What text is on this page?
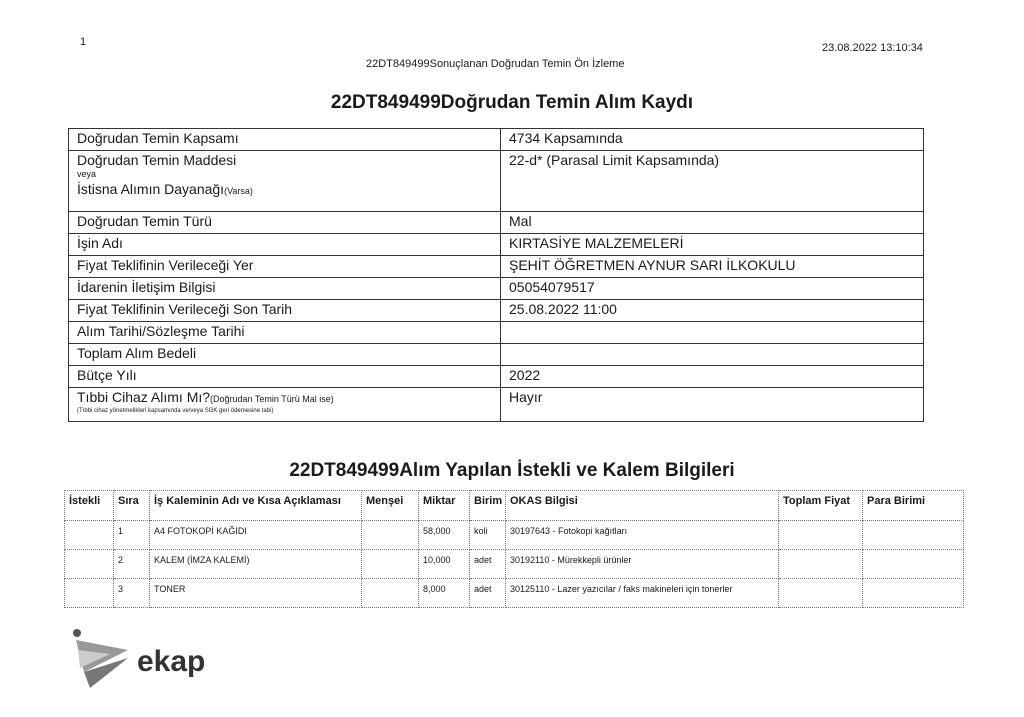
1	23.08.2022 13:10:34
22DT849499Sonuçlanan Doğrudan Temin Ön İzleme
22DT849499Doğrudan Temin Alım Kaydı
Doğrudan Temin Kapsamı	4734 Kapsamında

Doğrudan Temin Maddesi
veya
İstisna Alımın Dayanağı(Varsa)	22-d* (Parasal Limit Kapsamında)
Doğrudan Temin Türü	Mal
İşin Adı	KIRTASİYE MALZEMELERİ
Fiyat Teklifinin Verileceği Yer	ŞEHİT ÖĞRETMEN AYNUR SARI İLKOKULU
İdarenin İletişim Bilgisi	05054079517
Fiyat Teklifinin Verileceği Son Tarih	25.08.2022 11:00
Alım Tarihi/Sözleşme Tarihi	
Toplam Alım Bedeli	
Bütçe Yılı	2022

Tıbbi Cihaz Alımı Mı?(Doğrudan Temin Türü Mal ise)
(Tıbbi cihaz yönetmelikleri kapsamında ve/veya SGK geri ödemesine tabi)	Hayır
22DT849499Alım Yapılan İstekli ve Kalem Bilgileri
İstekli	Sıra	İş Kaleminin Adı ve Kısa Açıklaması	Menşei	Miktar	Birim	OKAS Bilgisi	Toplam Fiyat	Para Birimi
	1	A4 FOTOKOPİ KAĞIDI		58,000	koli	30197643 - Fotokopi kağıtları		
	2	KALEM (İMZA KALEMİ)		10,000	adet	30192110 - Mürekkepli ürünler		
	3	TONER		8,000	adet	30125110 - Lazer yazıcılar / faks makineleri için tonerler		
ekap
